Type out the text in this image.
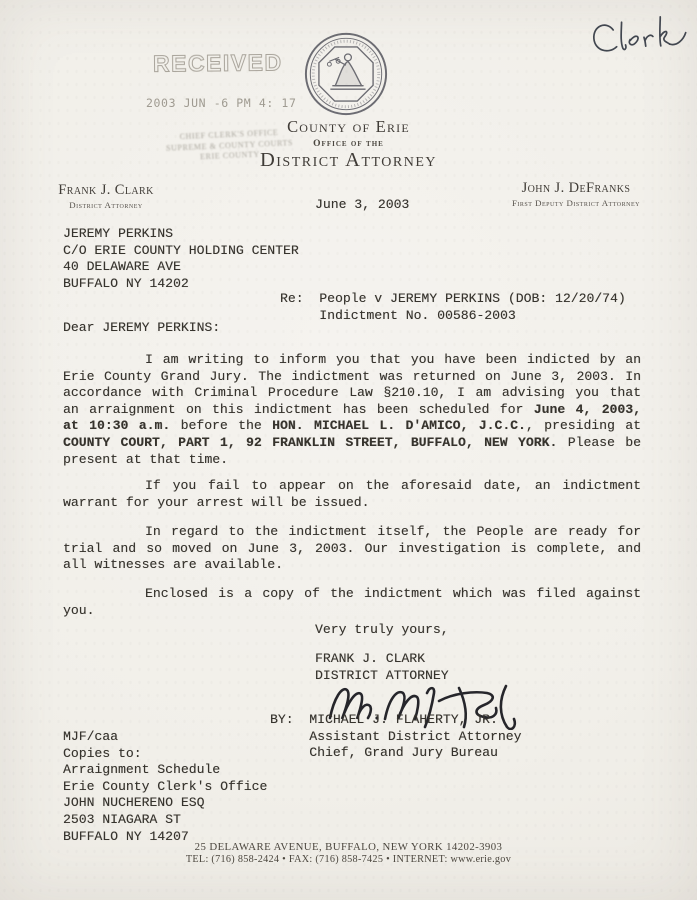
RECEIVED
2003 JUN -6 PM 4: 17
CHIEF CLERK'S OFFICE
SUPREME & COUNTY COURTS
ERIE COUNTY
County of Erie
Office of the
District Attorney
Frank J. Clark
District Attorney
John J. DeFranks
First Deputy District Attorney
June 3, 2003
JEREMY PERKINS
C/O ERIE COUNTY HOLDING CENTER
40 DELAWARE AVE
BUFFALO NY 14202
Re:  People v JEREMY PERKINS (DOB: 12/20/74)
Indictment No. 00586-2003
Dear JEREMY PERKINS:
I am writing to inform you that you have been indicted by an
Erie County Grand Jury. The indictment was returned on June 3, 2003. In
accordance with Criminal Procedure Law §210.10, I am advising you that
an arraignment on this indictment has been scheduled for June 4, 2003,
at 10:30 a.m. before the HON. MICHAEL L. D'AMICO, J.C.C., presiding at
COUNTY COURT, PART 1, 92 FRANKLIN STREET, BUFFALO, NEW YORK. Please be
present at that time.
If you fail to appear on the aforesaid date, an indictment
warrant for your arrest will be issued.
In regard to the indictment itself, the People are ready for
trial and so moved on June 3, 2003. Our investigation is complete, and
all witnesses are available.
Enclosed is a copy of the indictment which was filed against
you.
Very truly yours,
FRANK J. CLARK
DISTRICT ATTORNEY
BY:  MICHAEL J. FLAHERTY, JR.
Assistant District Attorney
Chief, Grand Jury Bureau
MJF/caa
Copies to:
Arraignment Schedule
Erie County Clerk's Office
JOHN NUCHERENO ESQ
2503 NIAGARA ST
BUFFALO NY 14207
25 DELAWARE AVENUE, BUFFALO, NEW YORK 14202-3903
TEL: (716) 858-2424 • FAX: (716) 858-7425 • INTERNET: www.erie.gov
